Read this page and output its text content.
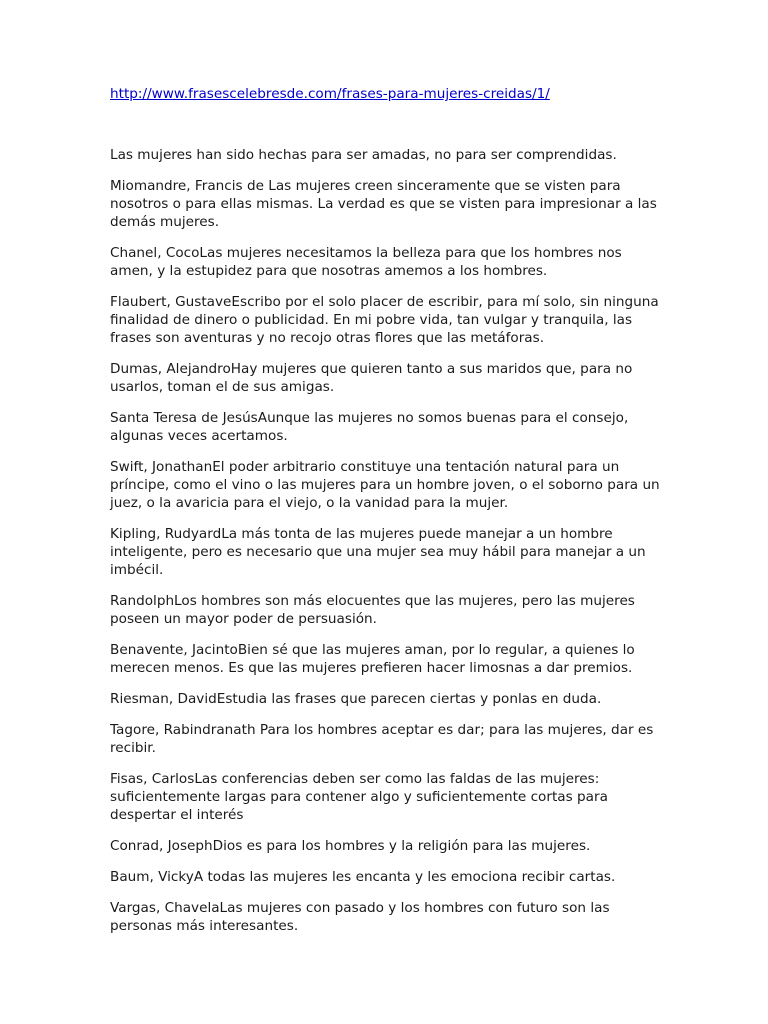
http://www.frasescelebresde.com/frases-para-mujeres-creidas/1/

Las mujeres han sido hechas para ser amadas, no para ser comprendidas.

Miomandre, Francis de Las mujeres creen sinceramente que se visten para nosotros o para ellas mismas. La verdad es que se visten para impresionar a las demás mujeres.

Chanel, CocoLas mujeres necesitamos la belleza para que los hombres nos amen, y la estupidez para que nosotras amemos a los hombres.

Flaubert, GustaveEscribo por el solo placer de escribir, para mí solo, sin ninguna finalidad de dinero o publicidad. En mi pobre vida, tan vulgar y tranquila, las frases son aventuras y no recojo otras flores que las metáforas.

Dumas, AlejandroHay mujeres que quieren tanto a sus maridos que, para no usarlos, toman el de sus amigas.

Santa Teresa de JesúsAunque las mujeres no somos buenas para el consejo, algunas veces acertamos.

Swift, JonathanEl poder arbitrario constituye una tentación natural para un príncipe, como el vino o las mujeres para un hombre joven, o el soborno para un juez, o la avaricia para el viejo, o la vanidad para la mujer.

Kipling, RudyardLa más tonta de las mujeres puede manejar a un hombre inteligente, pero es necesario que una mujer sea muy hábil para manejar a un imbécil.

RandolphLos hombres son más elocuentes que las mujeres, pero las mujeres poseen un mayor poder de persuasión.

Benavente, JacintoBien sé que las mujeres aman, por lo regular, a quienes lo merecen menos. Es que las mujeres prefieren hacer limosnas a dar premios.

Riesman, DavidEstudia las frases que parecen ciertas y ponlas en duda.

Tagore, Rabindranath Para los hombres aceptar es dar; para las mujeres, dar es recibir.

Fisas, CarlosLas conferencias deben ser como las faldas de las mujeres: suficientemente largas para contener algo y suficientemente cortas para despertar el interés

Conrad, JosephDios es para los hombres y la religión para las mujeres.

Baum, VickyA todas las mujeres les encanta y les emociona recibir cartas.

Vargas, ChavelaLas mujeres con pasado y los hombres con futuro son las personas más interesantes.
